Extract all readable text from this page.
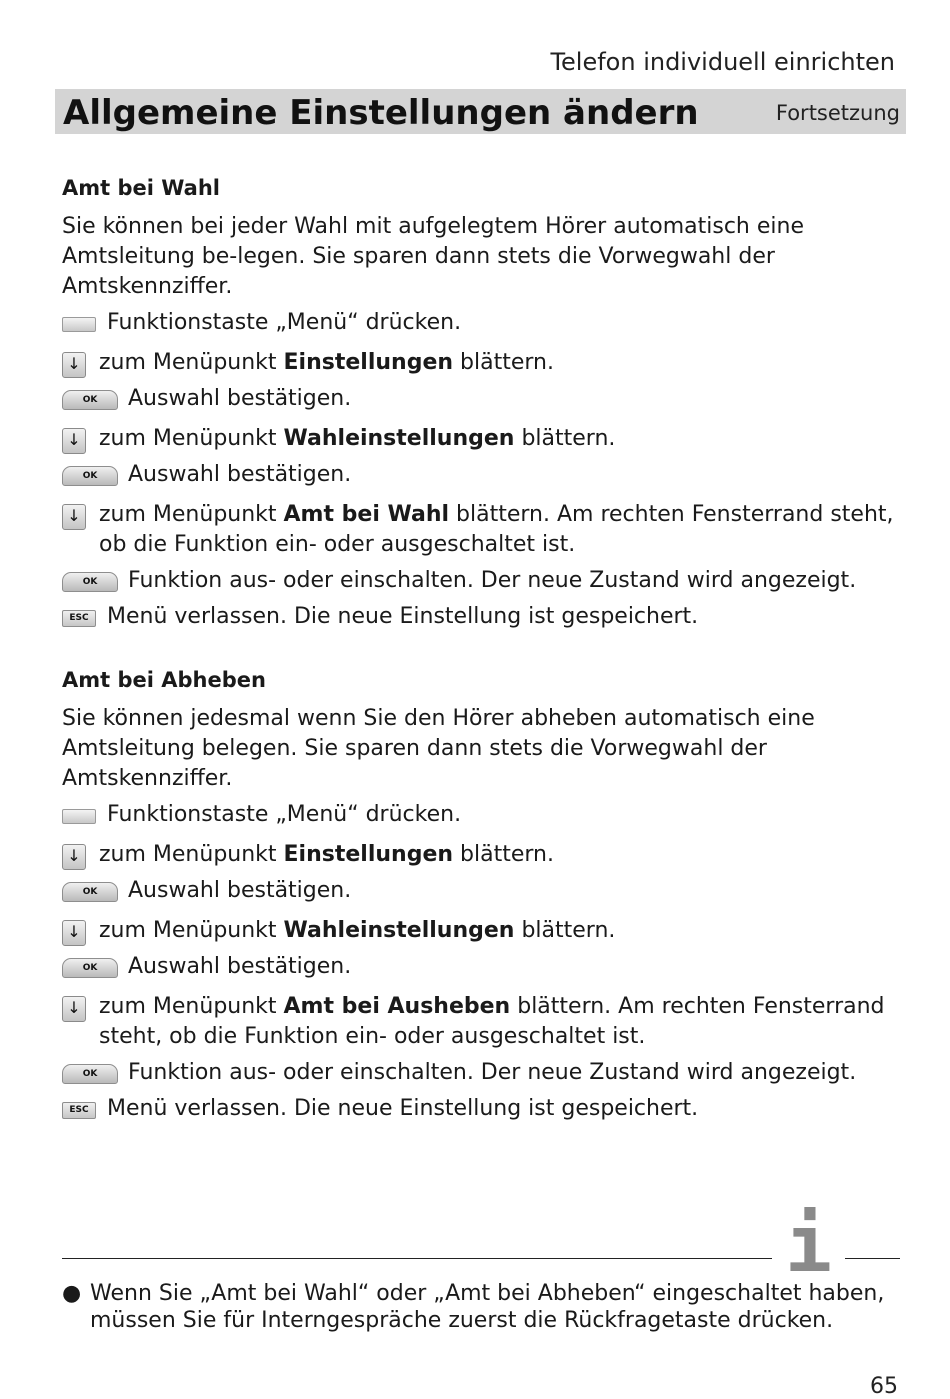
Telefon individuell einrichten
Allgemeine Einstellungen ändern	Fortsetzung
Amt bei Wahl
Sie können bei jeder Wahl mit aufgelegtem Hörer automatisch eine Amtsleitung be-legen. Sie sparen dann stets die Vorwegwahl der Amtskennziffer.
Funktionstaste „Menü“ drücken.
↓ zum Menüpunkt Einstellungen blättern.
OK	Auswahl bestätigen.
↓ zum Menüpunkt Wahleinstellungen blättern.
OK	Auswahl bestätigen.
↓ zum Menüpunkt Amt bei Wahl blättern. Am rechten Fensterrand steht, ob die Funktion ein- oder ausgeschaltet ist.
OK	Funktion aus- oder einschalten. Der neue Zustand wird angezeigt.
ESC Menü verlassen. Die neue Einstellung ist gespeichert.
Amt bei Abheben
Sie können jedesmal wenn Sie den Hörer abheben automatisch eine Amtsleitung belegen. Sie sparen dann stets die Vorwegwahl der Amtskennziffer.
Funktionstaste „Menü“ drücken.
↓ zum Menüpunkt Einstellungen blättern.
OK	Auswahl bestätigen.
↓ zum Menüpunkt Wahleinstellungen blättern.
OK	Auswahl bestätigen.
↓ zum Menüpunkt Amt bei Ausheben blättern. Am rechten Fensterrand steht, ob die Funktion ein- oder ausgeschaltet ist.
OK	Funktion aus- oder einschalten. Der neue Zustand wird angezeigt.
ESC Menü verlassen. Die neue Einstellung ist gespeichert.
i
● Wenn Sie „Amt bei Wahl“ oder „Amt bei Abheben“ eingeschaltet haben, müssen Sie für Interngespräche zuerst die Rückfragetaste drücken.
65
